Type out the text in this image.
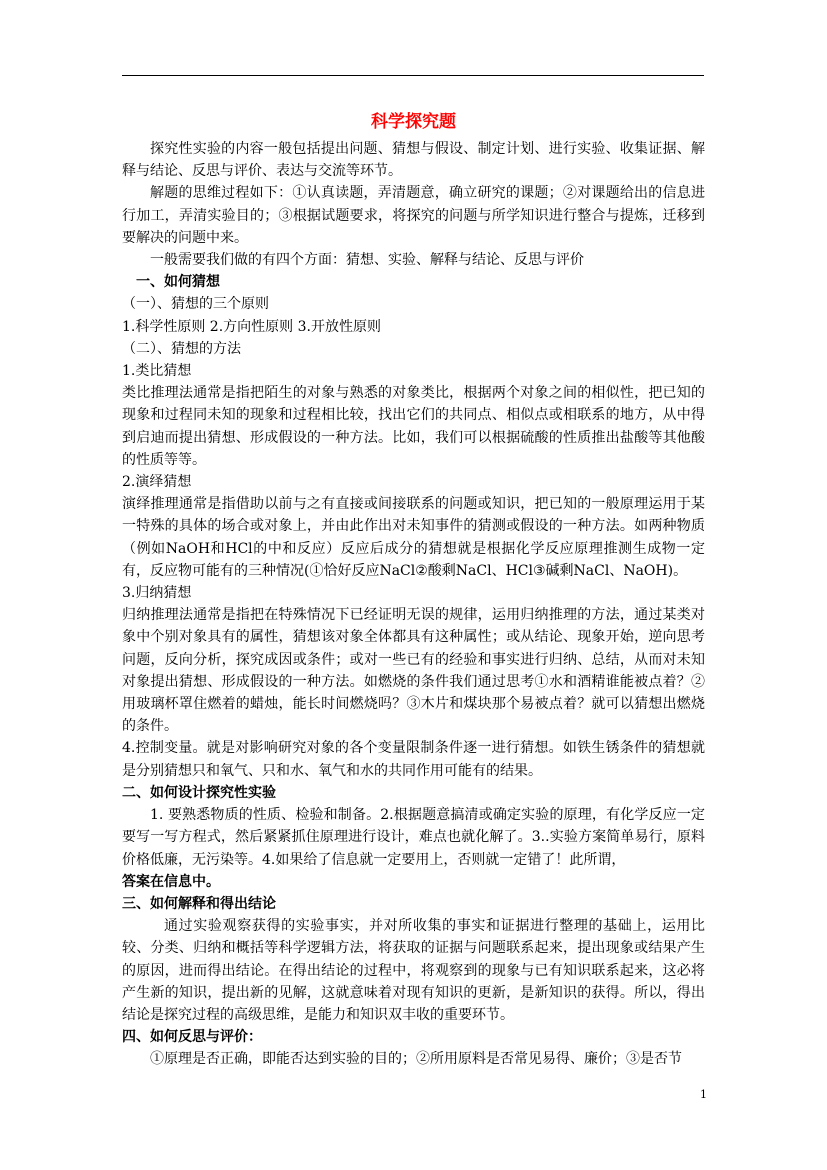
科学探究题

探究性实验的内容一般包括提出问题、猜想与假设、制定计划、进行实验、收集证据、解释与结论、反思与评价、表达与交流等环节。

解题的思维过程如下：①认真读题，弄清题意，确立研究的课题；②对课题给出的信息进行加工，弄清实验目的；③根据试题要求，将探究的问题与所学知识进行整合与提炼，迁移到要解决的问题中来。

一般需要我们做的有四个方面：猜想、实验、解释与结论、反思与评价

一、如何猜想

（一）、猜想的三个原则

1.科学性原则 2.方向性原则 3.开放性原则

（二）、猜想的方法

1.类比猜想

类比推理法通常是指把陌生的对象与熟悉的对象类比，根据两个对象之间的相似性，把已知的现象和过程同未知的现象和过程相比较，找出它们的共同点、相似点或相联系的地方，从中得到启迪而提出猜想、形成假设的一种方法。比如，我们可以根据硫酸的性质推出盐酸等其他酸的性质等等。

2.演绎猜想

演绎推理通常是指借助以前与之有直接或间接联系的问题或知识，把已知的一般原理运用于某一特殊的具体的场合或对象上，并由此作出对未知事件的猜测或假设的一种方法。如两种物质（例如NaOH和HCl的中和反应）反应后成分的猜想就是根据化学反应原理推测生成物一定有，反应物可能有的三种情况(①恰好反应NaCl②酸剩NaCl、HCl③碱剩NaCl、NaOH)。

3.归纳猜想

归纳推理法通常是指把在特殊情况下已经证明无误的规律，运用归纳推理的方法，通过某类对象中个别对象具有的属性，猜想该对象全体都具有这种属性；或从结论、现象开始，逆向思考问题，反向分析，探究成因或条件；或对一些已有的经验和事实进行归纳、总结，从而对未知对象提出猜想、形成假设的一种方法。如燃烧的条件我们通过思考①水和酒精谁能被点着？②用玻璃杯罩住燃着的蜡烛，能长时间燃烧吗？③木片和煤块那个易被点着？就可以猜想出燃烧的条件。

4.控制变量。就是对影响研究对象的各个变量限制条件逐一进行猜想。如铁生锈条件的猜想就是分别猜想只和氧气、只和水、氧气和水的共同作用可能有的结果。

二、如何设计探究性实验

1. 要熟悉物质的性质、检验和制备。2.根据题意搞清或确定实验的原理，有化学反应一定要写一写方程式，然后紧紧抓住原理进行设计，难点也就化解了。3..实验方案简单易行，原料价格低廉，无污染等。4.如果给了信息就一定要用上，否则就一定错了！此所谓，

答案在信息中。

三、如何解释和得出结论

通过实验观察获得的实验事实，并对所收集的事实和证据进行整理的基础上，运用比较、分类、归纳和概括等科学逻辑方法，将获取的证据与问题联系起来，提出现象或结果产生的原因，进而得出结论。在得出结论的过程中，将观察到的现象与已有知识联系起来，这必将产生新的知识，提出新的见解，这就意味着对现有知识的更新，是新知识的获得。所以，得出结论是探究过程的高级思维，是能力和知识双丰收的重要环节。

四、如何反思与评价：

①原理是否正确，即能否达到实验的目的；②所用原料是否常见易得、廉价；③是否节

1
